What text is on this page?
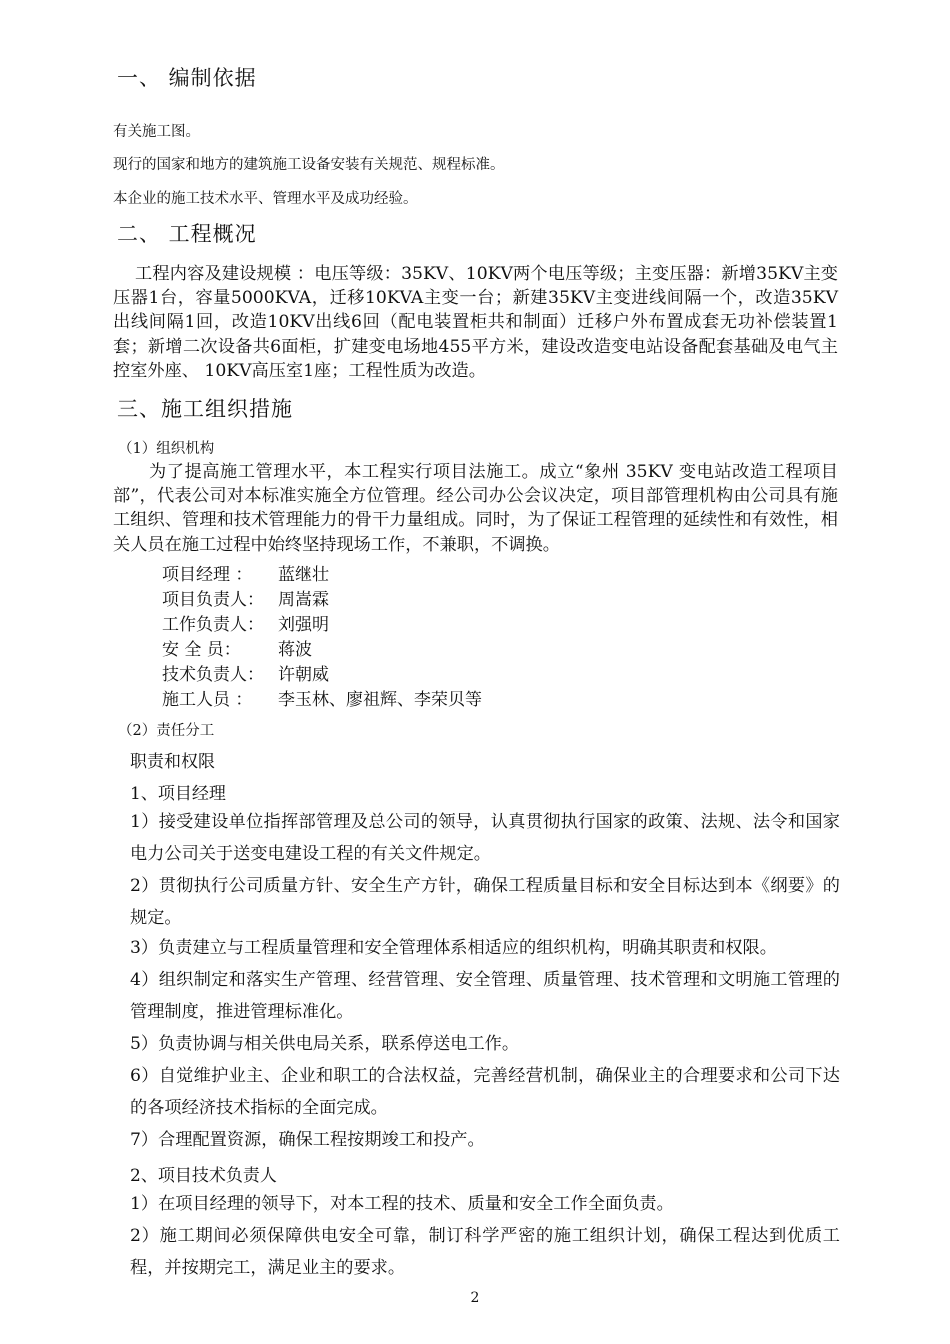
一、 编制依据
有关施工图。
现行的国家和地方的建筑施工设备安装有关规范、规程标准。
本企业的施工技术水平、管理水平及成功经验。
二、 工程概况
工程内容及建设规模 ：电压等级：35KV、10KV两个电压等级；主变压器：新增35KV主变压器1台，容量5000KVA，迁移10KVA主变一台；新建35KV主变进线间隔一个，改造35KV出线间隔1回，改造10KV出线6回（配电装置柜共和制面）迁移户外布置成套无功补偿装置1套；新增二次设备共6面柜，扩建变电场地455平方米，建设改造变电站设备配套基础及电气主控室外座、 10KV高压室1座；工程性质为改造。
三、施工组织措施
（1）组织机构
为了提高施工管理水平，本工程实行项目法施工。成立“象州 35KV 变电站改造工程项目部”，代表公司对本标准实施全方位管理。经公司办公会议决定，项目部管理机构由公司具有施工组织、管理和技术管理能力的骨干力量组成。同时，为了保证工程管理的延续性和有效性，相关人员在施工过程中始终坚持现场工作，不兼职，不调换。
项目经理 ： 蓝继壮
项目负责人： 周嵩霖
工作负责人： 刘强明
安 全 员： 蒋波
技术负责人： 许朝威
施工人员 ： 李玉林、廖祖辉、李荣贝等
（2）责任分工
职责和权限
1、项目经理
1）接受建设单位指挥部管理及总公司的领导，认真贯彻执行国家的政策、法规、法令和国家电力公司关于送变电建设工程的有关文件规定。
2）贯彻执行公司质量方针、安全生产方针，确保工程质量目标和安全目标达到本《纲要》的规定。
3）负责建立与工程质量管理和安全管理体系相适应的组织机构，明确其职责和权限。
4）组织制定和落实生产管理、经营管理、安全管理、质量管理、技术管理和文明施工管理的管理制度，推进管理标准化。
5）负责协调与相关供电局关系，联系停送电工作。
6）自觉维护业主、企业和职工的合法权益，完善经营机制，确保业主的合理要求和公司下达的各项经济技术指标的全面完成。
7）合理配置资源，确保工程按期竣工和投产。
2、项目技术负责人
1）在项目经理的领导下，对本工程的技术、质量和安全工作全面负责。
2）施工期间必须保障供电安全可靠，制订科学严密的施工组织计划，确保工程达到优质工程，并按期完工，满足业主的要求。
2
